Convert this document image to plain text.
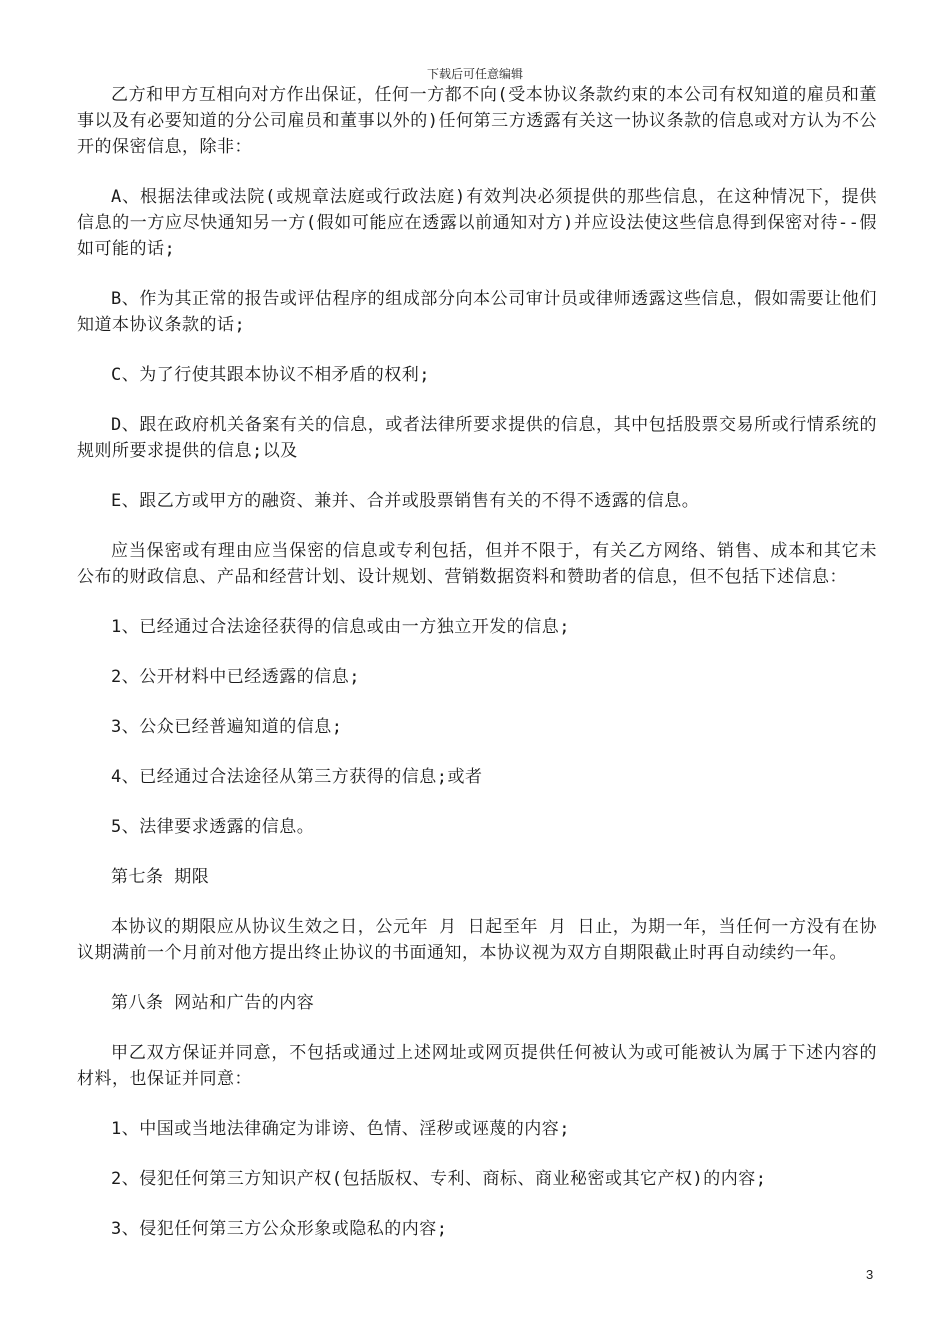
下载后可任意编辑

乙方和甲方互相向对方作出保证，任何一方都不向(受本协议条款约束的本公司有权知道的雇员和董事以及有必要知道的分公司雇员和董事以外的)任何第三方透露有关这一协议条款的信息或对方认为不公开的保密信息，除非：

A、根据法律或法院(或规章法庭或行政法庭)有效判决必须提供的那些信息，在这种情况下，提供信息的一方应尽快通知另一方(假如可能应在透露以前通知对方)并应设法使这些信息得到保密对待--假如可能的话;

B、作为其正常的报告或评估程序的组成部分向本公司审计员或律师透露这些信息，假如需要让他们知道本协议条款的话;

C、为了行使其跟本协议不相矛盾的权利;

D、跟在政府机关备案有关的信息，或者法律所要求提供的信息，其中包括股票交易所或行情系统的规则所要求提供的信息;以及

E、跟乙方或甲方的融资、兼并、合并或股票销售有关的不得不透露的信息。

应当保密或有理由应当保密的信息或专利包括，但并不限于，有关乙方网络、销售、成本和其它未公布的财政信息、产品和经营计划、设计规划、营销数据资料和赞助者的信息，但不包括下述信息：

1、已经通过合法途径获得的信息或由一方独立开发的信息;

2、公开材料中已经透露的信息;

3、公众已经普遍知道的信息;

4、已经通过合法途径从第三方获得的信息;或者

5、法律要求透露的信息。

第七条 期限

本协议的期限应从协议生效之日，公元年 月 日起至年 月 日止，为期一年，当任何一方没有在协议期满前一个月前对他方提出终止协议的书面通知，本协议视为双方自期限截止时再自动续约一年。

第八条 网站和广告的内容

甲乙双方保证并同意，不包括或通过上述网址或网页提供任何被认为或可能被认为属于下述内容的材料，也保证并同意：

1、中国或当地法律确定为诽谤、色情、淫秽或诬蔑的内容;

2、侵犯任何第三方知识产权(包括版权、专利、商标、商业秘密或其它产权)的内容;

3、侵犯任何第三方公众形象或隐私的内容;

3
